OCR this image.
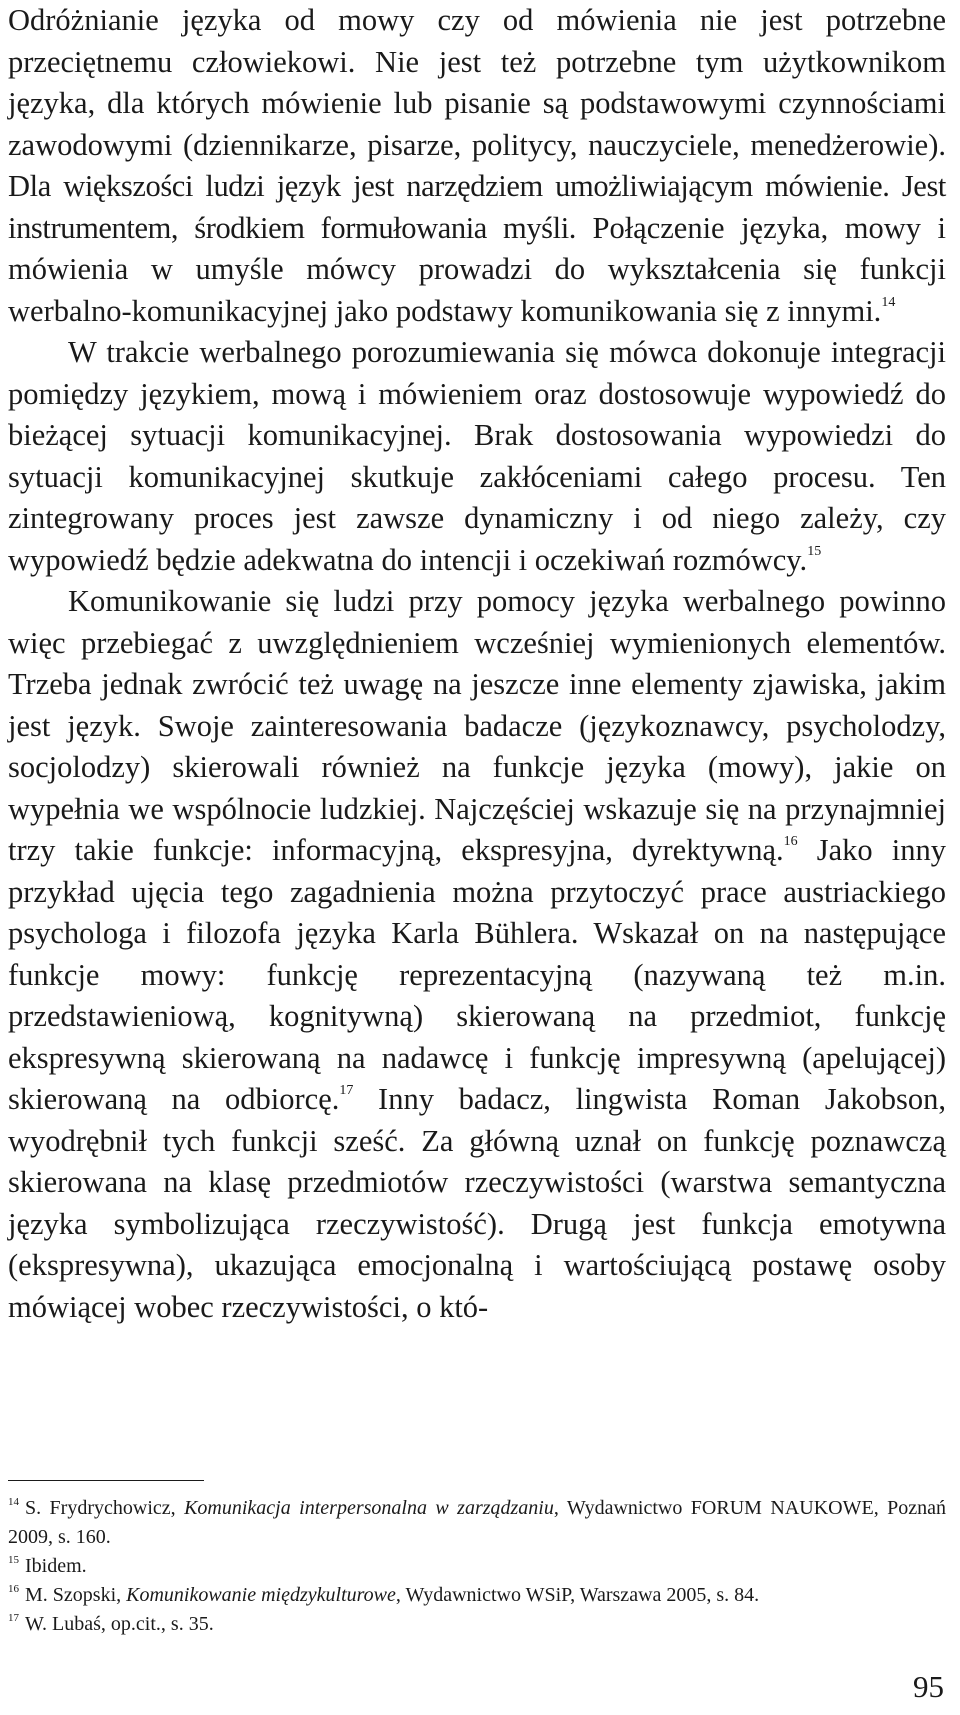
Odróżnianie języka od mowy czy od mówienia nie jest potrzebne przeciętnemu człowiekowi. Nie jest też potrzebne tym użytkownikom języka, dla których mówienie lub pisanie są podstawowymi czynnościami zawodowymi (dziennikarze, pisarze, politycy, nauczyciele, menedżerowie). Dla większości ludzi język jest narzędziem umożliwiającym mówienie. Jest instrumentem, środkiem formułowania myśli. Połączenie języka, mowy i mówienia w umyśle mówcy prowadzi do wykształcenia się funkcji werbalno-komunikacyjnej jako podstawy komunikowania się z innymi.$^{14}$

W trakcie werbalnego porozumiewania się mówca dokonuje integracji pomiędzy językiem, mową i mówieniem oraz dostosowuje wypowiedź do bieżącej sytuacji komunikacyjnej. Brak dostosowania wypowiedzi do sytuacji komunikacyjnej skutkuje zakłóceniami całego procesu. Ten zintegrowany proces jest zawsze dynamiczny i od niego zależy, czy wypowiedź będzie adekwatna do intencji i oczekiwań rozmówcy.$^{15}$

Komunikowanie się ludzi przy pomocy języka werbalnego powinno więc przebiegać z uwzględnieniem wcześniej wymienionych elementów. Trzeba jednak zwrócić też uwagę na jeszcze inne elementy zjawiska, jakim jest język. Swoje zainteresowania badacze (językoznawcy, psycholodzy, socjolodzy) skierowali również na funkcje języka (mowy), jakie on wypełnia we wspólnocie ludzkiej. Najczęściej wskazuje się na przynajmniej trzy takie funkcje: informacyjną, ekspresyjna, dyrektywną.$^{16}$ Jako inny przykład ujęcia tego zagadnienia można przytoczyć prace austriackiego psychologa i filozofa języka Karla Bühlera. Wskazał on na następujące funkcje mowy: funkcję reprezentacyjną (nazywaną też m.in. przedstawieniową, kognitywną) skierowaną na przedmiot, funkcję ekspresywną skierowaną na nadawcę i funkcję impresywną (apelującej) skierowaną na odbiorcę.$^{17}$ Inny badacz, lingwista Roman Jakobson, wyodrębnił tych funkcji sześć. Za główną uznał on funkcję poznawczą skierowana na klasę przedmiotów rzeczywistości (warstwa semantyczna języka symbolizująca rzeczywistość). Drugą jest funkcja emotywna (ekspresywna), ukazująca emocjonalną i wartościującą postawę osoby mówiącej wobec rzeczywistości, o któ-

$^{14}$ S. Frydrychowicz, Komunikacja interpersonalna w zarządzaniu, Wydawnictwo FORUM NAUKOWE, Poznań 2009, s. 160.

$^{15}$ Ibidem.

$^{16}$ M. Szopski, Komunikowanie międzykulturowe, Wydawnictwo WSiP, Warszawa 2005, s. 84.

$^{17}$ W. Lubaś, op.cit., s. 35.

95
